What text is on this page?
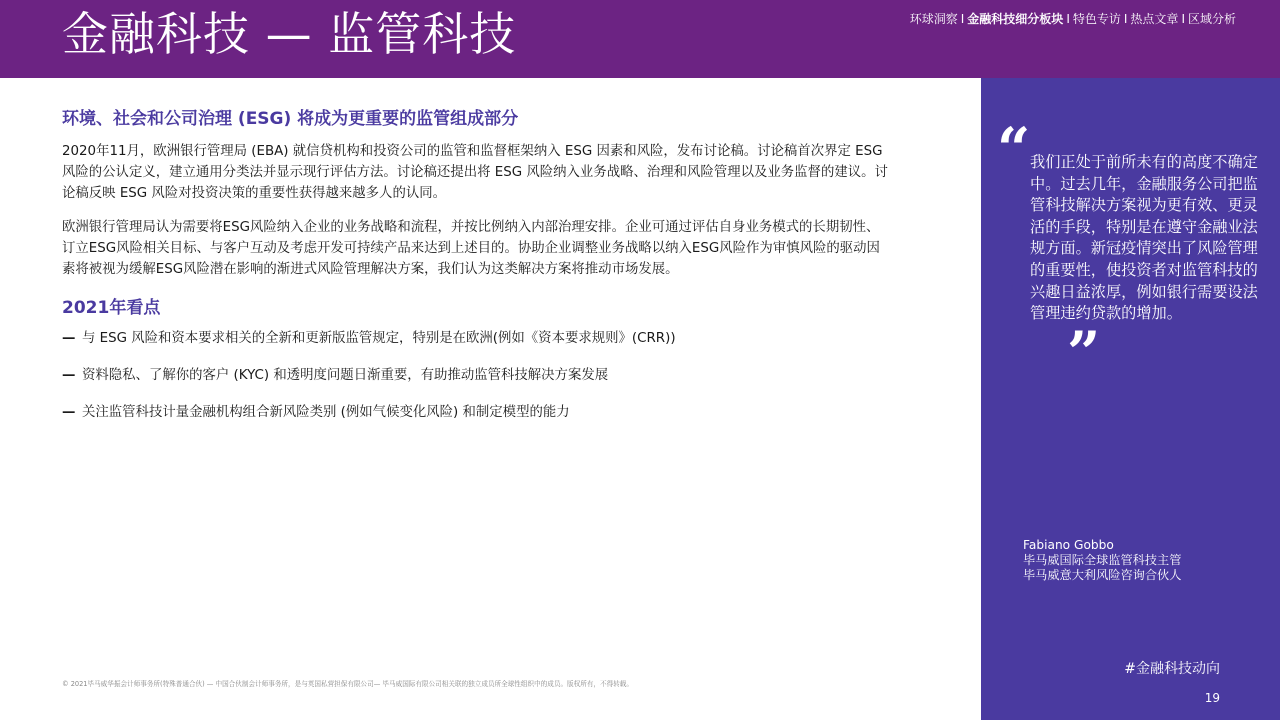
金融科技 — 监管科技	环球洞察 I 金融科技细分板块 I 特色专访 I 热点文章 I 区域分析
环境、社会和公司治理 (ESG) 将成为更重要的监管组成部分

2020年11月，欧洲银行管理局 (EBA) 就信贷机构和投资公司的监管和监督框架纳入 ESG 因素和风险，发布讨论稿。讨论稿首次界定 ESG 风险的公认定义，建立通用分类法并显示现行评估方法。讨论稿还提出将 ESG 风险纳入业务战略、治理和风险管理以及业务监督的建议。讨论稿反映 ESG 风险对投资决策的重要性获得越来越多人的认同。

欧洲银行管理局认为需要将ESG风险纳入企业的业务战略和流程，并按比例纳入内部治理安排。企业可通过评估自身业务模式的长期韧性、订立ESG风险相关目标、与客户互动及考虑开发可持续产品来达到上述目的。协助企业调整业务战略以纳入ESG风险作为审慎风险的驱动因素将被视为缓解ESG风险潜在影响的渐进式风险管理解决方案，我们认为这类解决方案将推动市场发展。

2021年看点
— 与 ESG 风险和资本要求相关的全新和更新版监管规定，特别是在欧洲(例如《资本要求规则》(CRR))
— 资料隐私、了解你的客户 (KYC) 和透明度问题日渐重要，有助推动监管科技解决方案发展
— 关注监管科技计量金融机构组合新风险类别 (例如气候变化风险) 和制定模型的能力
© 2021毕马威华振会计师事务所(特殊普通合伙) — 中国合伙制会计师事务所，是与英国私营担保有限公司— 毕马威国际有限公司相关联的独立成员所全球性组织中的成员。版权所有，不得转载。
“ 我们正处于前所未有的高度不确定中。过去几年，金融服务公司把监管科技解决方案视为更有效、更灵活的手段，特别是在遵守金融业法规方面。新冠疫情突出了风险管理的重要性，使投资者对监管科技的兴趣日益浓厚，例如银行需要设法管理违约贷款的增加。
”
Fabiano Gobbo
毕马威国际全球监管科技主管
毕马威意大利风险咨询合伙人
#金融科技动向
19
